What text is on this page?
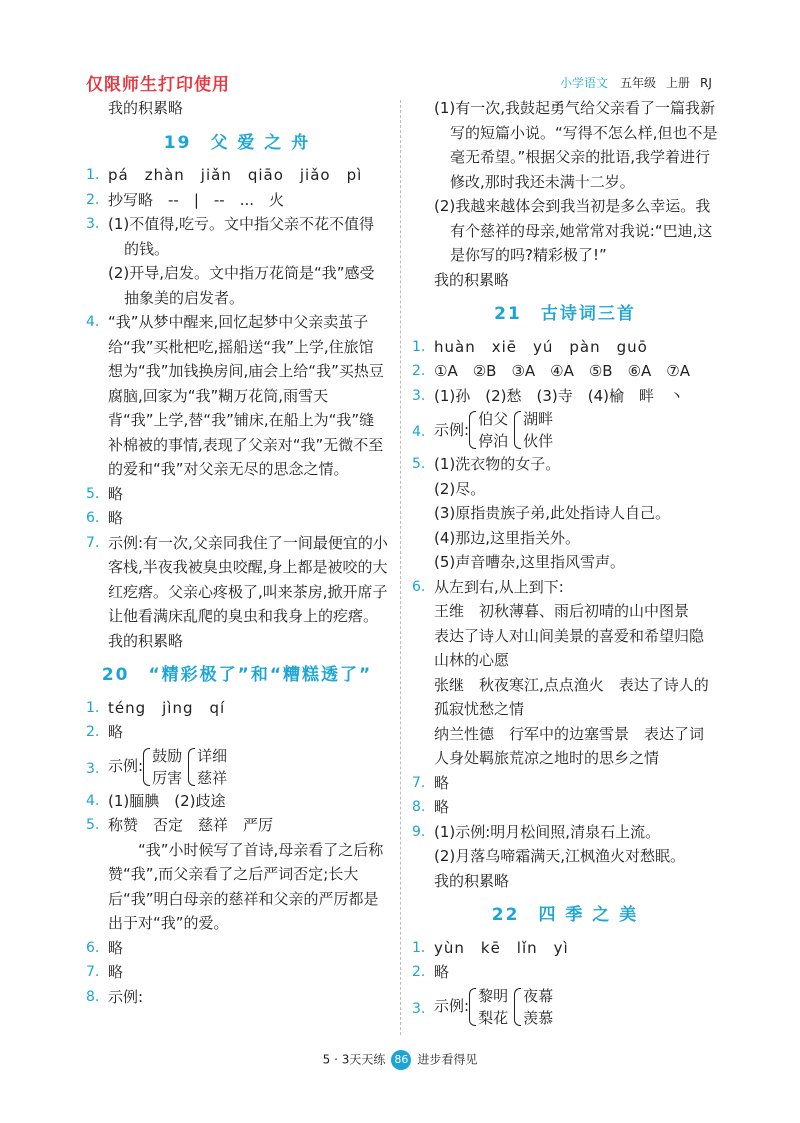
仅限师生打印使用	小学语文 五年级 上册 RJ
我的积累略
19　父 爱 之 舟
1. pá　zhàn　jiǎn　qiāo　jiǎo　pì
2. 抄写略　--　|　--　...　火
3. (1)不值得,吃亏。文中指父亲不花不值得的钱。
(2)开导,启发。文中指万花筒是“我”感受抽象美的启发者。
4. “我”从梦中醒来,回忆起梦中父亲卖茧子给“我”买枇杷吃,摇船送“我”上学,住旅馆想为“我”加钱换房间,庙会上给“我”买热豆腐脑,回家为“我”糊万花筒,雨雪天背“我”上学,替“我”铺床,在船上为“我”缝补棉被的事情,表现了父亲对“我”无微不至的爱和“我”对父亲无尽的思念之情。
5. 略
6. 略
7. 示例:有一次,父亲同我住了一间最便宜的小客栈,半夜我被臭虫咬醒,身上都是被咬的大红疙瘩。父亲心疼极了,叫来茶房,掀开席子让他看满床乱爬的臭虫和我身上的疙瘩。
我的积累略
20　“精彩极了”和“糟糕透了”
1. téng　jìng　qí
2. 略
3. 示例:
鼓励
厉害
详细
慈祥
4. (1)腼腆　(2)歧途
5. 称赞　否定　慈祥　严厉
“我”小时候写了首诗,母亲看了之后称赞“我”,而父亲看了之后严词否定;长大后“我”明白母亲的慈祥和父亲的严厉都是出于对“我”的爱。
6. 略
7. 略
8. 示例:
(1)有一次,我鼓起勇气给父亲看了一篇我新写的短篇小说。“写得不怎么样,但也不是毫无希望。”根据父亲的批语,我学着进行修改,那时我还未满十二岁。
(2)我越来越体会到我当初是多么幸运。我有个慈祥的母亲,她常常对我说:“巴迪,这是你写的吗?精彩极了!”
我的积累略
21　古诗词三首
1. huàn　xiē　yú　pàn　guō
2. ①A　②B　③A　④A　⑤B　⑥A　⑦A
3. (1)孙　(2)愁　(3)寺　(4)榆　畔　丶
4. 示例:
伯父
停泊
湖畔
伙伴
5. (1)洗衣物的女子。
(2)尽。
(3)原指贵族子弟,此处指诗人自己。
(4)那边,这里指关外。
(5)声音嘈杂,这里指风雪声。
6. 从左到右,从上到下:
王维　初秋薄暮、雨后初晴的山中图景　表达了诗人对山间美景的喜爱和希望归隐山林的心愿
张继　秋夜寒江,点点渔火　表达了诗人的孤寂忧愁之情
纳兰性德　行军中的边塞雪景　表达了词人身处羁旅荒凉之地时的思乡之情
7. 略
8. 略
9. (1)示例:明月松间照,清泉石上流。
(2)月落乌啼霜满天,江枫渔火对愁眠。
我的积累略
22　四 季 之 美
1. yùn　kē　lǐn　yì
2. 略
3. 示例:
黎明
梨花
夜幕
羡慕
5 · 3天天练 86 进步看得见
